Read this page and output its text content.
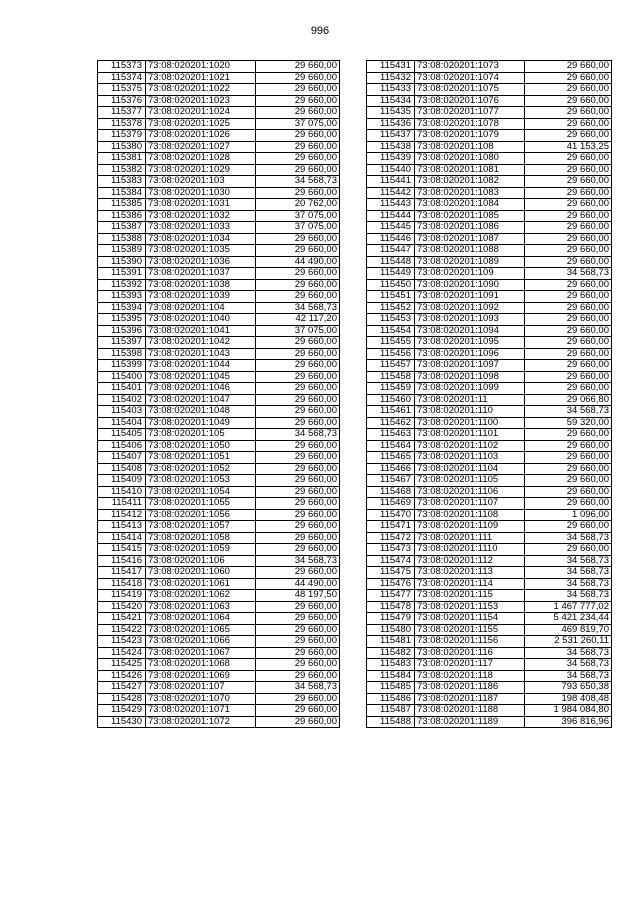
996
115373	73:08:020201:1020	29 660,00
115374	73:08:020201:1021	29 660,00
115375	73:08:020201:1022	29 660,00
115376	73:08:020201:1023	29 660,00
115377	73:08:020201:1024	29 660,00
115378	73:08:020201:1025	37 075,00
115379	73:08:020201:1026	29 660,00
115380	73:08:020201:1027	29 660,00
115381	73:08:020201:1028	29 660,00
115382	73:08:020201:1029	29 660,00
115383	73:08:020201:103	34 568,73
115384	73:08:020201:1030	29 660,00
115385	73:08:020201:1031	20 762,00
115386	73:08:020201:1032	37 075,00
115387	73:08:020201:1033	37 075,00
115388	73:08:020201:1034	29 660,00
115389	73:08:020201:1035	29 660,00
115390	73:08:020201:1036	44 490,00
115391	73:08:020201:1037	29 660,00
115392	73:08:020201:1038	29 660,00
115393	73:08:020201:1039	29 660,00
115394	73:08:020201:104	34 568,73
115395	73:08:020201:1040	42 117,20
115396	73:08:020201:1041	37 075,00
115397	73:08:020201:1042	29 660,00
115398	73:08:020201:1043	29 660,00
115399	73:08:020201:1044	29 660,00
115400	73:08:020201:1045	29 660,00
115401	73:08:020201:1046	29 660,00
115402	73:08:020201:1047	29 660,00
115403	73:08:020201:1048	29 660,00
115404	73:08:020201:1049	29 660,00
115405	73:08:020201:105	34 568,73
115406	73:08:020201:1050	29 660,00
115407	73:08:020201:1051	29 660,00
115408	73:08:020201:1052	29 660,00
115409	73:08:020201:1053	29 660,00
115410	73:08:020201:1054	29 660,00
115411	73:08:020201:1055	29 660,00
115412	73:08:020201:1056	29 660,00
115413	73:08:020201:1057	29 660,00
115414	73:08:020201:1058	29 660,00
115415	73:08:020201:1059	29 660,00
115416	73:08:020201:106	34 568,73
115417	73:08:020201:1060	29 660,00
115418	73:08:020201:1061	44 490,00
115419	73:08:020201:1062	48 197,50
115420	73:08:020201:1063	29 660,00
115421	73:08:020201:1064	29 660,00
115422	73:08:020201:1065	29 660,00
115423	73:08:020201:1066	29 660,00
115424	73:08:020201:1067	29 660,00
115425	73:08:020201:1068	29 660,00
115426	73:08:020201:1069	29 660,00
115427	73:08:020201:107	34 568,73
115428	73:08:020201:1070	29 660,00
115429	73:08:020201:1071	29 660,00
115430	73:08:020201:1072	29 660,00
115431	73:08:020201:1073	29 660,00
115432	73:08:020201:1074	29 660,00
115433	73:08:020201:1075	29 660,00
115434	73:08:020201:1076	29 660,00
115435	73:08:020201:1077	29 660,00
115436	73:08:020201:1078	29 660,00
115437	73:08:020201:1079	29 660,00
115438	73:08:020201:108	41 153,25
115439	73:08:020201:1080	29 660,00
115440	73:08:020201:1081	29 660,00
115441	73:08:020201:1082	29 660,00
115442	73:08:020201:1083	29 660,00
115443	73:08:020201:1084	29 660,00
115444	73:08:020201:1085	29 660,00
115445	73:08:020201:1086	29 660,00
115446	73:08:020201:1087	29 660,00
115447	73:08:020201:1088	29 660,00
115448	73:08:020201:1089	29 660,00
115449	73:08:020201:109	34 568,73
115450	73:08:020201:1090	29 660,00
115451	73:08:020201:1091	29 660,00
115452	73:08:020201:1092	29 660,00
115453	73:08:020201:1093	29 660,00
115454	73:08:020201:1094	29 660,00
115455	73:08:020201:1095	29 660,00
115456	73:08:020201:1096	29 660,00
115457	73:08:020201:1097	29 660,00
115458	73:08:020201:1098	29 660,00
115459	73:08:020201:1099	29 660,00
115460	73:08:020201:11	29 066,80
115461	73:08:020201:110	34 568,73
115462	73:08:020201:1100	59 320,00
115463	73:08:020201:1101	29 660,00
115464	73:08:020201:1102	29 660,00
115465	73:08:020201:1103	29 660,00
115466	73:08:020201:1104	29 660,00
115467	73:08:020201:1105	29 660,00
115468	73:08:020201:1106	29 660,00
115469	73:08:020201:1107	29 660,00
115470	73:08:020201:1108	1 096,00
115471	73:08:020201:1109	29 660,00
115472	73:08:020201:111	34 568,73
115473	73:08:020201:1110	29 660,00
115474	73:08:020201:112	34 568,73
115475	73:08:020201:113	34 568,73
115476	73:08:020201:114	34 568,73
115477	73:08:020201:115	34 568,73
115478	73:08:020201:1153	1 467 777,02
115479	73:08:020201:1154	5 421 234,44
115480	73:08:020201:1155	469 819,70
115481	73:08:020201:1156	2 531 260,11
115482	73:08:020201:116	34 568,73
115483	73:08:020201:117	34 568,73
115484	73:08:020201:118	34 568,73
115485	73:08:020201:1186	793 650,38
115486	73:08:020201:1187	198 408,48
115487	73:08:020201:1188	1 984 084,80
115488	73:08:020201:1189	396 816,96
